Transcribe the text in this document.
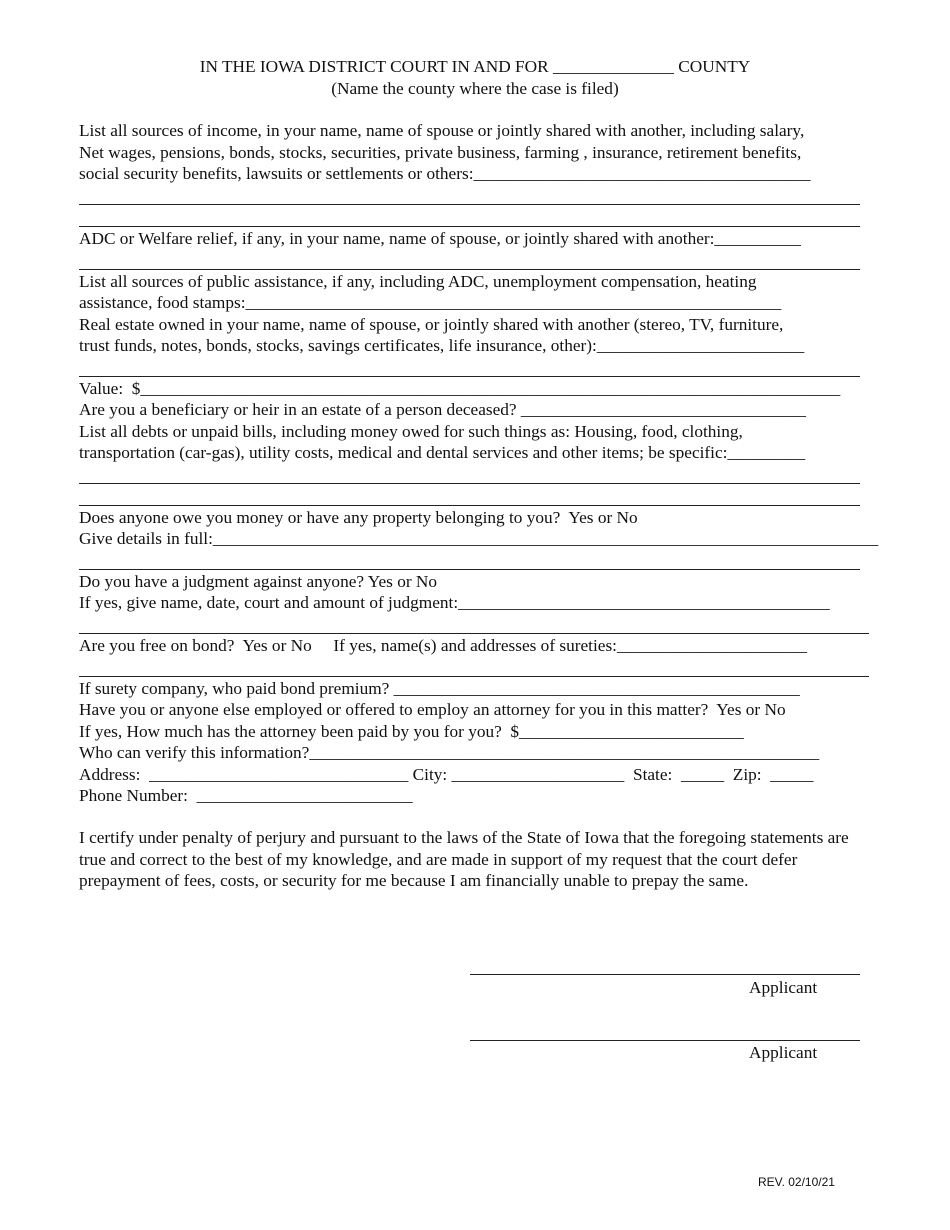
IN THE IOWA DISTRICT COURT IN AND FOR ______________ COUNTY
(Name the county where the case is filed)
List all sources of income, in your name, name of spouse or jointly shared with another, including salary,
Net wages, pensions, bonds, stocks, securities, private business, farming , insurance, retirement benefits,
social security benefits, lawsuits or settlements or others:_______________________________________
ADC or Welfare relief, if any, in your name, name of spouse, or jointly shared with another:__________
List all sources of public assistance, if any, including ADC, unemployment compensation, heating
assistance, food stamps:______________________________________________________________
Real estate owned in your name, name of spouse, or jointly shared with another (stereo, TV, furniture,
trust funds, notes, bonds, stocks, savings certificates, life insurance, other):________________________
Value:  $_________________________________________________________________________________
Are you a beneficiary or heir in an estate of a person deceased? _________________________________
List all debts or unpaid bills, including money owed for such things as: Housing, food, clothing,
transportation (car-gas), utility costs, medical and dental services and other items; be specific:_________
Does anyone owe you money or have any property belonging to you?  Yes or No
Give details in full:_____________________________________________________________________________
Do you have a judgment against anyone? Yes or No
If yes, give name, date, court and amount of judgment:___________________________________________
Are you free on bond?  Yes or No     If yes, name(s) and addresses of sureties:______________________
If surety company, who paid bond premium? _______________________________________________
Have you or anyone else employed or offered to employ an attorney for you in this matter?  Yes or No
If yes, How much has the attorney been paid by you for you?  $__________________________
Who can verify this information?___________________________________________________________
Address:  ______________________________ City: ____________________  State:  _____  Zip:  _____
Phone Number:  _________________________
I certify under penalty of perjury and pursuant to the laws of the State of Iowa that the foregoing statements are true and correct to the best of my knowledge, and are made in support of my request that the court defer prepayment of fees, costs, or security for me because I am financially unable to prepay the same.
Applicant
Applicant
REV. 02/10/21
